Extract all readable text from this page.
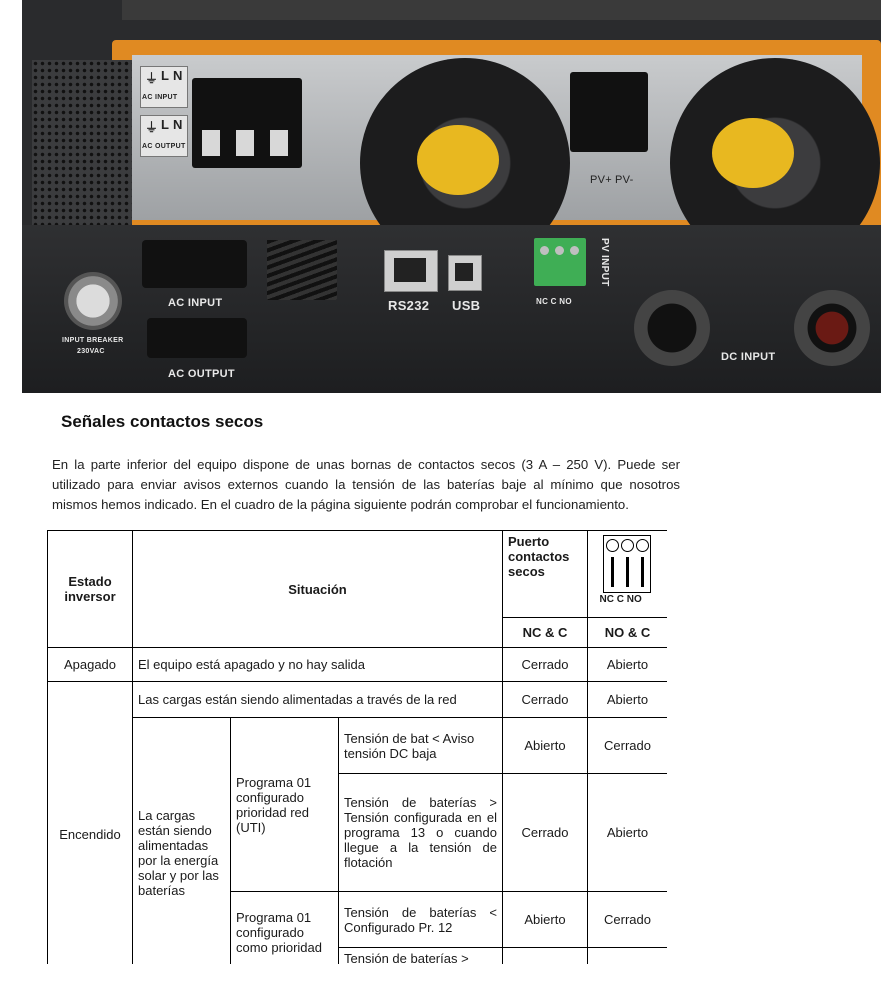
⏚ L N
AC INPUT
⏚ L N
AC OUTPUT
PV+ PV-
INPUT BREAKER
230VAC
AC INPUT
AC OUTPUT
RS232 USB	NC C NO
PV INPUT
DC INPUT
Señales contactos secos
En la parte inferior del equipo dispone de unas bornas de contactos secos (3 A – 250 V). Puede ser utilizado para enviar avisos externos cuando la tensión de las baterías baje al mínimo que nosotros mismos hemos indicado. En el cuadro de la página siguiente podrán comprobar el funcionamiento.
Estado inversor	Situación			Puerto contactos secos	NC C NO

				NC & C	NO & C
Apagado	El equipo está apagado y no hay salida			Cerrado	Abierto
Encendido	Las cargas están siendo alimentadas a través de la red			Cerrado	Abierto
	La cargas están siendo alimentadas por la energía solar y por las baterías	Programa 01 configurado prioridad red (UTI)	Tensión de bat < Aviso tensión DC baja	Abierto	Cerrado
			Tensión de baterías > Tensión configurada en el programa 13 o cuando llegue a la tensión de flotación	Cerrado	Abierto
		Programa 01 configurado como prioridad	Tensión de baterías < Configurado Pr. 12	Abierto	Cerrado
			Tensión de baterías >		
